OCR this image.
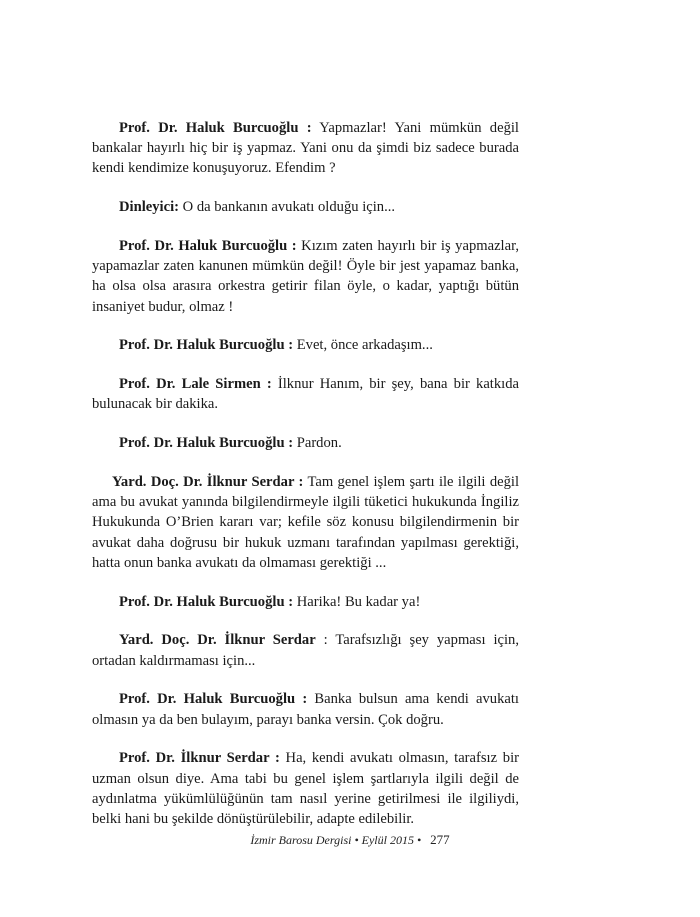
Prof. Dr. Haluk Burcuoğlu : Yapmazlar! Yani mümkün değil bankalar hayırlı hiç bir iş yapmaz. Yani onu da şimdi biz sadece burada kendi kendimize konuşuyoruz. Efendim ?

Dinleyici: O da bankanın avukatı olduğu için...

Prof. Dr. Haluk Burcuoğlu : Kızım zaten hayırlı bir iş yapmazlar, yapamazlar zaten kanunen mümkün değil! Öyle bir jest yapamaz banka, ha olsa olsa arasıra orkestra getirir filan öyle, o kadar, yaptığı bütün insaniyet budur, olmaz !

Prof. Dr. Haluk Burcuoğlu : Evet, önce arkadaşım...

Prof. Dr. Lale Sirmen : İlknur Hanım, bir şey, bana bir katkıda bulunacak bir dakika.

Prof. Dr. Haluk Burcuoğlu : Pardon.

Yard. Doç. Dr. İlknur Serdar : Tam genel işlem şartı ile ilgili değil ama bu avukat yanında bilgilendirmeyle ilgili tüketici hukukunda İngiliz Hukukunda O’Brien kararı var; kefile söz konusu bilgilendirmenin bir avukat daha doğrusu bir hukuk uzmanı tarafından yapılması gerektiği, hatta onun banka avukatı da olmaması gerektiği ...

Prof. Dr. Haluk Burcuoğlu : Harika! Bu kadar ya!

Yard. Doç. Dr. İlknur Serdar : Tarafsızlığı şey yapması için, ortadan kaldırmaması için...

Prof. Dr. Haluk Burcuoğlu : Banka bulsun ama kendi avukatı olmasın ya da ben bulayım, parayı banka versin. Çok doğru.

Prof. Dr. İlknur Serdar : Ha, kendi avukatı olmasın, tarafsız bir uzman olsun diye. Ama tabi bu genel işlem şartlarıyla ilgili değil de aydınlatma yükümlülüğünün tam nasıl yerine getirilmesi ile ilgiliydi, belki hani bu şekilde dönüştürülebilir, adapte edilebilir.

İzmir Barosu Dergisi • Eylül 2015 • 277
